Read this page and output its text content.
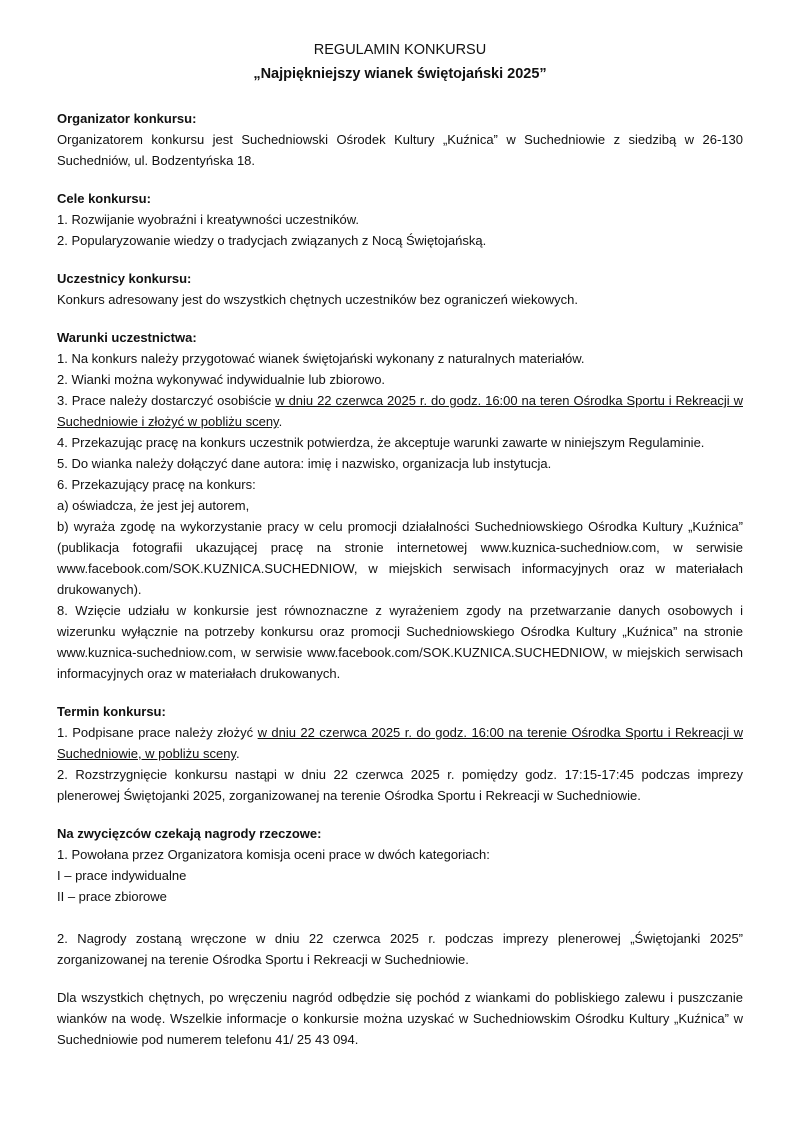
REGULAMIN KONKURSU
„Najpiękniejszy wianek świętojański 2025”
Organizator konkursu:

Organizatorem konkursu jest Suchedniowski Ośrodek Kultury „Kuźnica” w Suchedniowie z siedzibą w 26-130 Suchedniów, ul. Bodzentyńska 18.

Cele konkursu:

1. Rozwijanie wyobraźni i kreatywności uczestników.

2. Popularyzowanie wiedzy o tradycjach związanych z Nocą Świętojańską.

Uczestnicy konkursu:

Konkurs adresowany jest do wszystkich chętnych uczestników bez ograniczeń wiekowych.

Warunki uczestnictwa:

1. Na konkurs należy przygotować wianek świętojański wykonany z naturalnych materiałów.

2. Wianki można wykonywać indywidualnie lub zbiorowo.

3. Prace należy dostarczyć osobiście w dniu 22 czerwca 2025 r. do godz. 16:00 na teren Ośrodka Sportu i Rekreacji w Suchedniowie i złożyć w pobliżu sceny.

4. Przekazując pracę na konkurs uczestnik potwierdza, że akceptuje warunki zawarte w niniejszym Regulaminie.

5. Do wianka należy dołączyć dane autora: imię i nazwisko, organizacja lub instytucja.

6. Przekazujący pracę na konkurs:

a) oświadcza, że jest jej autorem,

b) wyraża zgodę na wykorzystanie pracy w celu promocji działalności Suchedniowskiego Ośrodka Kultury „Kuźnica” (publikacja fotografii ukazującej pracę na stronie internetowej www.kuznica-suchedniow.com, w serwisie www.facebook.com/SOK.KUZNICA.SUCHEDNIOW, w miejskich serwisach informacyjnych oraz w materiałach drukowanych).

8. Wzięcie udziału w konkursie jest równoznaczne z wyrażeniem zgody na przetwarzanie danych osobowych i wizerunku wyłącznie na potrzeby konkursu oraz promocji Suchedniowskiego Ośrodka Kultury „Kuźnica” na stronie www.kuznica-suchedniow.com, w serwisie www.facebook.com/SOK.KUZNICA.SUCHEDNIOW, w miejskich serwisach informacyjnych oraz w materiałach drukowanych.

Termin konkursu:

1. Podpisane prace należy złożyć w dniu 22 czerwca 2025 r. do godz. 16:00 na terenie Ośrodka Sportu i Rekreacji w Suchedniowie, w pobliżu sceny.

2. Rozstrzygnięcie konkursu nastąpi w dniu 22 czerwca 2025 r. pomiędzy godz. 17:15-17:45 podczas imprezy plenerowej Świętojanki 2025, zorganizowanej na terenie Ośrodka Sportu i Rekreacji w Suchedniowie.

Na zwycięzców czekają nagrody rzeczowe:

1. Powołana przez Organizatora komisja oceni prace w dwóch kategoriach:

I – prace indywidualne

II – prace zbiorowe

2. Nagrody zostaną wręczone w dniu 22 czerwca 2025 r. podczas imprezy plenerowej „Świętojanki 2025” zorganizowanej na terenie Ośrodka Sportu i Rekreacji w Suchedniowie.

Dla wszystkich chętnych, po wręczeniu nagród odbędzie się pochód z wiankami do pobliskiego zalewu i puszczanie wianków na wodę. Wszelkie informacje o konkursie można uzyskać w Suchedniowskim Ośrodku Kultury „Kuźnica” w Suchedniowie pod numerem telefonu 41/ 25 43 094.
